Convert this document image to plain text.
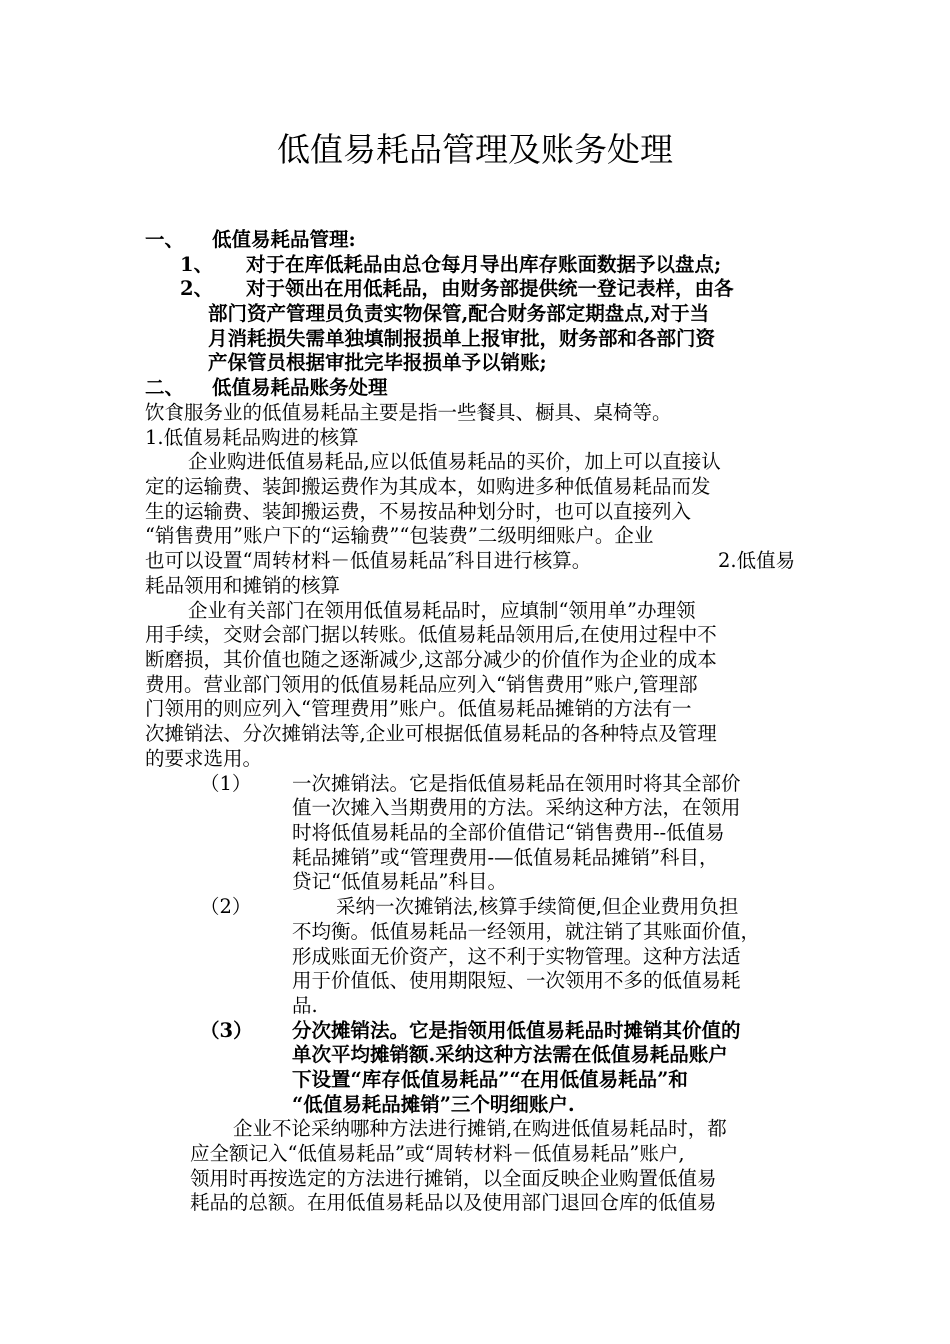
低值易耗品管理及账务处理
一、 低值易耗品管理:
1、 对于在库低耗品由总仓每月导出库存账面数据予以盘点;
2、 对于领出在用低耗品，由财务部提供统一登记表样，由各
部门资产管理员负责实物保管,配合财务部定期盘点,对于当
月消耗损失需单独填制报损单上报审批，财务部和各部门资
产保管员根据审批完毕报损单予以销账;
二、 低值易耗品账务处理
饮食服务业的低值易耗品主要是指一些餐具、橱具、桌椅等。
1.低值易耗品购进的核算
企业购进低值易耗品,应以低值易耗品的买价，加上可以直接认
定的运输费、装卸搬运费作为其成本，如购进多种低值易耗品而发
生的运输费、装卸搬运费，不易按品种划分时，也可以直接列入
“销售费用”账户下的“运输费”“包装费”二级明细账户。企业
也可以设置“周转材料－低值易耗品″科目进行核算。	2.低值易
耗品领用和摊销的核算
企业有关部门在领用低值易耗品时，应填制“领用单”办理领
用手续，交财会部门据以转账。低值易耗品领用后,在使用过程中不
断磨损，其价值也随之逐渐减少,这部分减少的价值作为企业的成本
费用。营业部门领用的低值易耗品应列入“销售费用”账户,管理部
门领用的则应列入“管理费用”账户。低值易耗品摊销的方法有一
次摊销法、分次摊销法等,企业可根据低值易耗品的各种特点及管理
的要求选用。
（1） 一次摊销法。它是指低值易耗品在领用时将其全部价
值一次摊入当期费用的方法。采纳这种方法，在领用
时将低值易耗品的全部价值借记“销售费用--低值易
耗品摊销”或“管理费用-—低值易耗品摊销”科目，
贷记“低值易耗品”科目。
（2）	采纳一次摊销法,核算手续简便,但企业费用负担
不均衡。低值易耗品一经领用，就注销了其账面价值，
形成账面无价资产，这不利于实物管理。这种方法适
用于价值低、使用期限短、一次领用不多的低值易耗
品.
（3） 分次摊销法。它是指领用低值易耗品时摊销其价值的
单次平均摊销额.采纳这种方法需在低值易耗品账户
下设置“库存低值易耗品”“在用低值易耗品”和
“低值易耗品摊销”三个明细账户.
企业不论采纳哪种方法进行摊销,在购进低值易耗品时，都
应全额记入“低值易耗品”或“周转材料－低值易耗品”账户,
领用时再按选定的方法进行摊销，以全面反映企业购置低值易
耗品的总额。在用低值易耗品以及使用部门退回仓库的低值易
